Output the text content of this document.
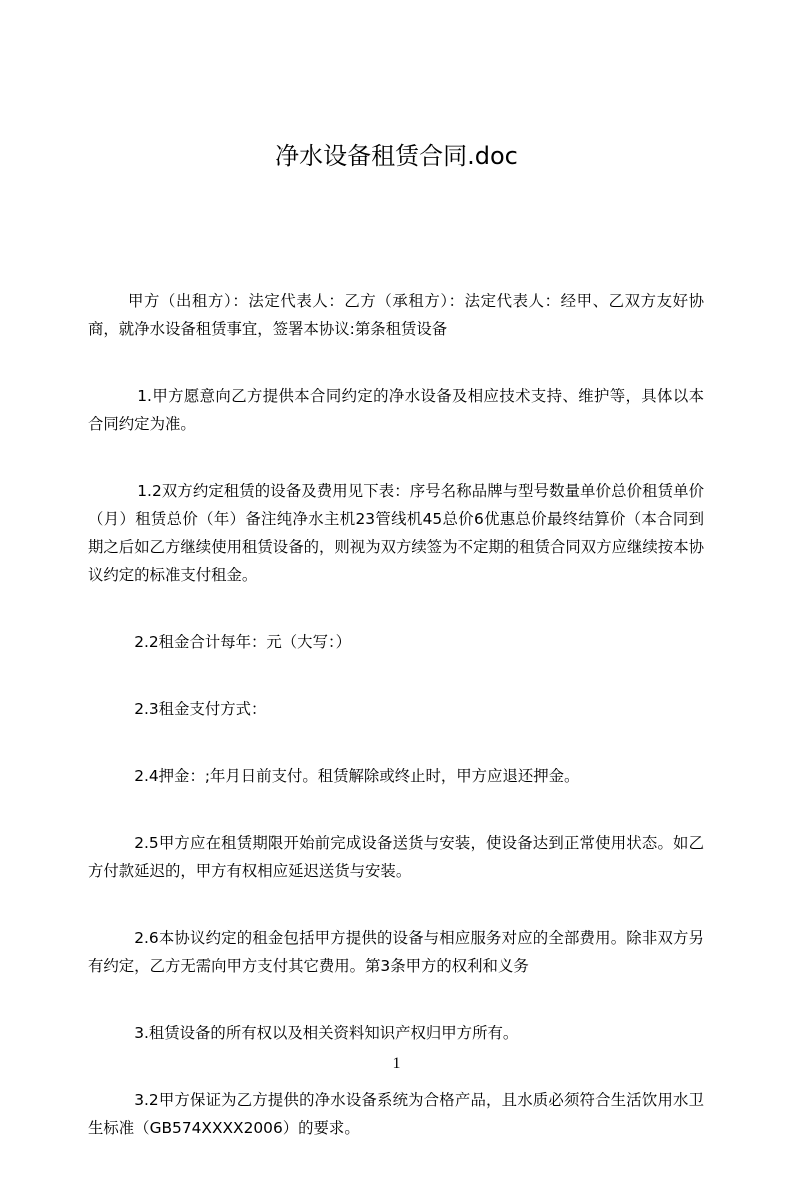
净水设备租赁合同.doc

甲方（出租方）：法定代表人：乙方（承租方）：法定代表人：经甲、乙双方友好协商，就净水设备租赁事宜，签署本协议:第条租赁设备

1.甲方愿意向乙方提供本合同约定的净水设备及相应技术支持、维护等，具体以本合同约定为准。

1.2双方约定租赁的设备及费用见下表：序号名称品牌与型号数量单价总价租赁单价（月）租赁总价（年）备注纯净水主机23管线机45总价6优惠总价最终结算价（本合同到期之后如乙方继续使用租赁设备的，则视为双方续签为不定期的租赁合同双方应继续按本协议约定的标准支付租金。

2.2租金合计每年：元（大写：）

2.3租金支付方式：

2.4押金：;年月日前支付。租赁解除或终止时，甲方应退还押金。

2.5甲方应在租赁期限开始前完成设备送货与安装，使设备达到正常使用状态。如乙方付款延迟的，甲方有权相应延迟送货与安装。

2.6本协议约定的租金包括甲方提供的设备与相应服务对应的全部费用。除非双方另有约定，乙方无需向甲方支付其它费用。第3条甲方的权利和义务

3.租赁设备的所有权以及相关资料知识产权归甲方所有。

3.2甲方保证为乙方提供的净水设备系统为合格产品，且水质必须符合生活饮用水卫生标准（GB574XXXX2006）的要求。

1
